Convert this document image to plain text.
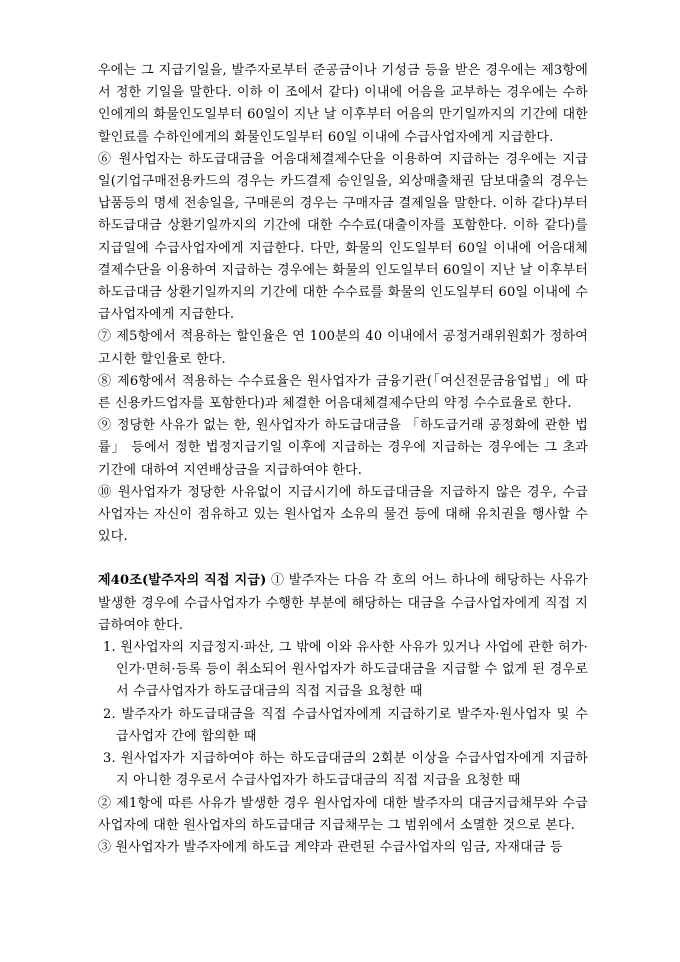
우에는 그 지급기일을, 발주자로부터 준공금이나 기성금 등을 받은 경우에는 제3항에서 정한 기일을 말한다. 이하 이 조에서 같다) 이내에 어음을 교부하는 경우에는 수하인에게의 화물인도일부터 60일이 지난 날 이후부터 어음의 만기일까지의 기간에 대한 할인료를 수하인에게의 화물인도일부터 60일 이내에 수급사업자에게 지급한다.

⑥ 원사업자는 하도급대금을 어음대체결제수단을 이용하여 지급하는 경우에는 지급일(기업구매전용카드의 경우는 카드결제 승인일을, 외상매출채권 담보대출의 경우는 납품등의 명세 전송일을, 구매론의 경우는 구매자금 결제일을 말한다. 이하 같다)부터 하도급대금 상환기일까지의 기간에 대한 수수료(대출이자를 포함한다. 이하 같다)를 지급일에 수급사업자에게 지급한다. 다만, 화물의 인도일부터 60일 이내에 어음대체결제수단을 이용하여 지급하는 경우에는 화물의 인도일부터 60일이 지난 날 이후부터 하도급대금 상환기일까지의 기간에 대한 수수료를 화물의 인도일부터 60일 이내에 수급사업자에게 지급한다.

⑦ 제5항에서 적용하는 할인율은 연 100분의 40 이내에서 공정거래위원회가 정하여 고시한 할인율로 한다.

⑧ 제6항에서 적용하는 수수료율은 원사업자가 금융기관(「여신전문금융업법」에 따른 신용카드업자를 포함한다)과 체결한 어음대체결제수단의 약정 수수료율로 한다.

⑨ 정당한 사유가 없는 한, 원사업자가 하도급대금을 「하도급거래 공정화에 관한 법률」 등에서 정한 법정지급기일 이후에 지급하는 경우에 지급하는 경우에는 그 초과기간에 대하여 지연배상금을 지급하여야 한다.

⑩ 원사업자가 정당한 사유없이 지급시기에 하도급대금을 지급하지 않은 경우, 수급사업자는 자신이 점유하고 있는 원사업자 소유의 물건 등에 대해 유치권을 행사할 수 있다.

제40조(발주자의 직접 지급) ① 발주자는 다음 각 호의 어느 하나에 해당하는 사유가 발생한 경우에 수급사업자가 수행한 부분에 해당하는 대금을 수급사업자에게 직접 지급하여야 한다.

1. 원사업자의 지급정지·파산, 그 밖에 이와 유사한 사유가 있거나 사업에 관한 허가·인가·면허·등록 등이 취소되어 원사업자가 하도급대금을 지급할 수 없게 된 경우로서 수급사업자가 하도급대금의 직접 지급을 요청한 때

2. 발주자가 하도급대금을 직접 수급사업자에게 지급하기로 발주자·원사업자 및 수급사업자 간에 합의한 때

3. 원사업자가 지급하여야 하는 하도급대금의 2회분 이상을 수급사업자에게 지급하지 아니한 경우로서 수급사업자가 하도급대금의 직접 지급을 요청한 때

② 제1항에 따른 사유가 발생한 경우 원사업자에 대한 발주자의 대금지급채무와 수급사업자에 대한 원사업자의 하도급대금 지급채무는 그 범위에서 소멸한 것으로 본다.

③ 원사업자가 발주자에게 하도급 계약과 관련된 수급사업자의 임금, 자재대금 등
